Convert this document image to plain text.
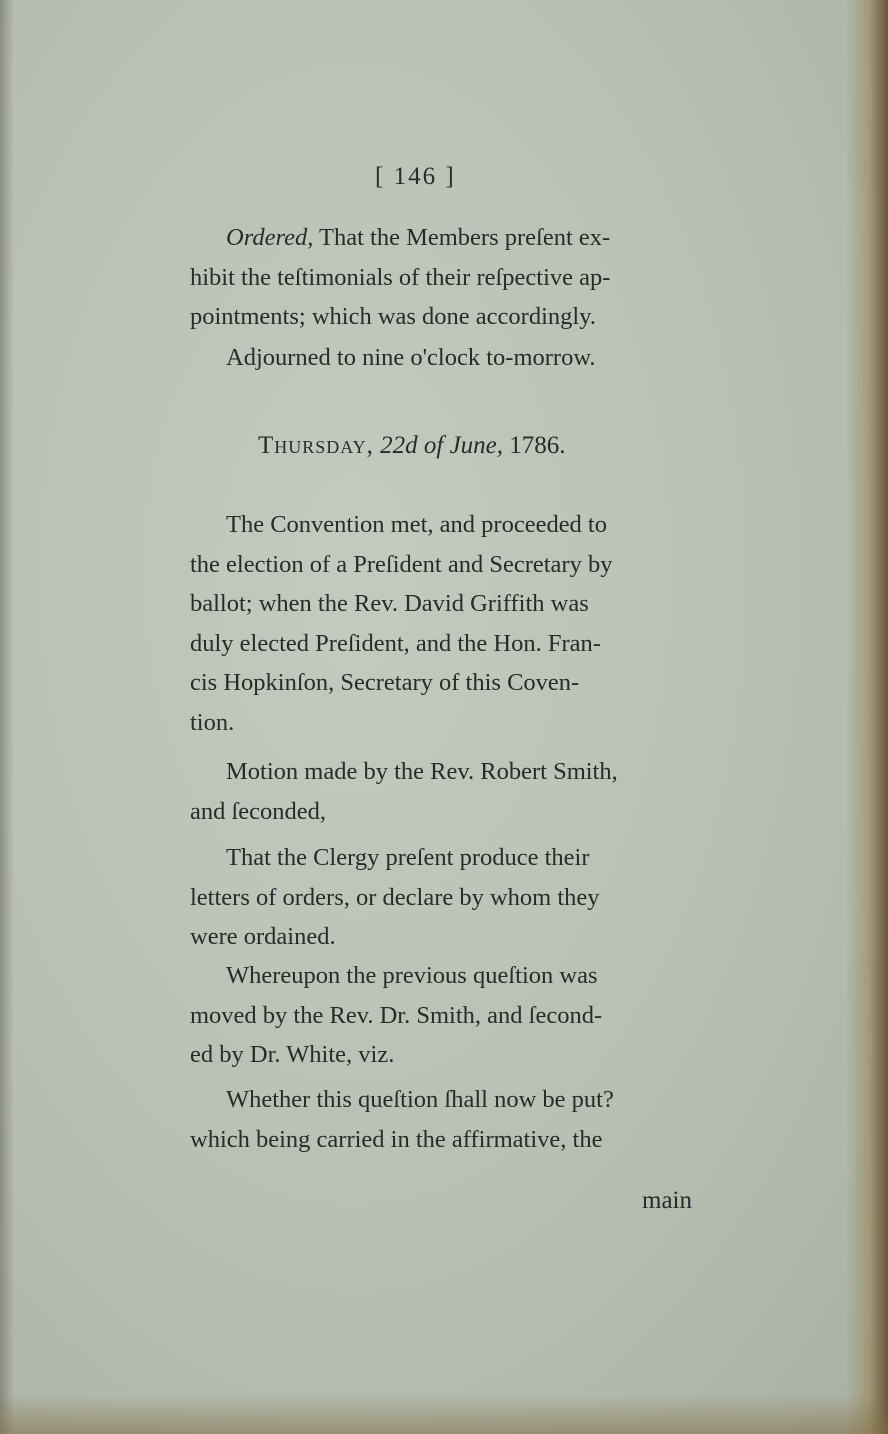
[ 146 ]
Ordered, That the Members preſent ex-
hibit the teſtimonials of their reſpective ap-
pointments; which was done accordingly.
Adjourned to nine o'clock to-morrow.
Thursday, 22d of June, 1786.
The Convention met, and proceeded to
the election of a Preſident and Secretary by
ballot; when the Rev. David Griffith was
duly elected Preſident, and the Hon. Fran-
cis Hopkinſon, Secretary of this Coven-
tion.
Motion made by the Rev. Robert Smith,
and ſeconded,
That the Clergy preſent produce their
letters of orders, or declare by whom they
were ordained.
Whereupon the previous queſtion was
moved by the Rev. Dr. Smith, and ſecond-
ed by Dr. White, viz.
Whether this queſtion ſhall now be put?
which being carried in the affirmative, the
main
